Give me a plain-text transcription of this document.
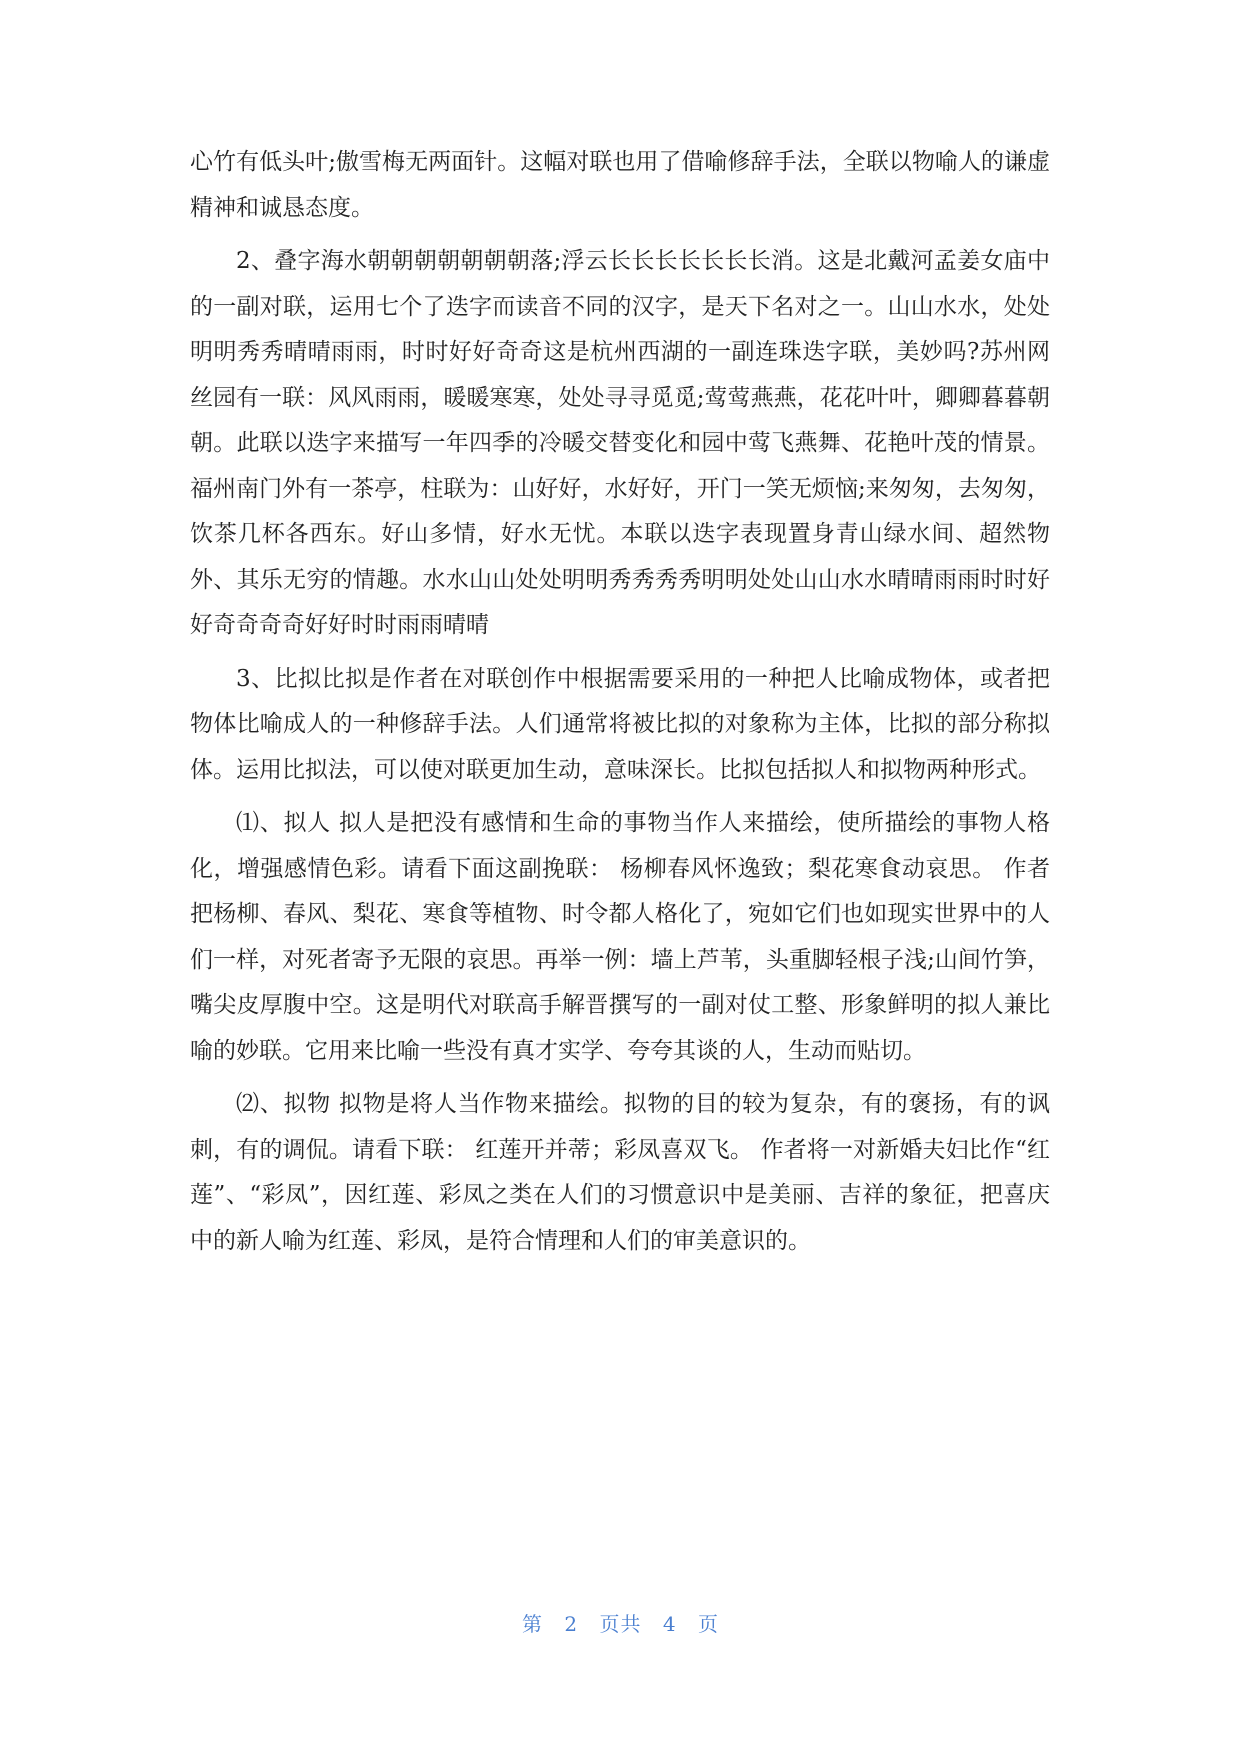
心竹有低头叶;傲雪梅无两面针。这幅对联也用了借喻修辞手法，全联以物喻人的谦虚精神和诚恳态度。

2、叠字海水朝朝朝朝朝朝朝落;浮云长长长长长长长消。这是北戴河孟姜女庙中的一副对联，运用七个了迭字而读音不同的汉字，是天下名对之一。山山水水，处处明明秀秀晴晴雨雨，时时好好奇奇这是杭州西湖的一副连珠迭字联，美妙吗?苏州网丝园有一联：风风雨雨，暖暖寒寒，处处寻寻觅觅;莺莺燕燕，花花叶叶，卿卿暮暮朝朝。此联以迭字来描写一年四季的冷暖交替变化和园中莺飞燕舞、花艳叶茂的情景。福州南门外有一茶亭，柱联为：山好好，水好好，开门一笑无烦恼;来匆匆，去匆匆，饮茶几杯各西东。好山多情，好水无忧。本联以迭字表现置身青山绿水间、超然物外、其乐无穷的情趣。水水山山处处明明秀秀秀秀明明处处山山水水晴晴雨雨时时好好奇奇奇奇好好时时雨雨晴晴

3、比拟比拟是作者在对联创作中根据需要采用的一种把人比喻成物体，或者把物体比喻成人的一种修辞手法。人们通常将被比拟的对象称为主体，比拟的部分称拟体。运用比拟法，可以使对联更加生动，意味深长。比拟包括拟人和拟物两种形式。

⑴、拟人 拟人是把没有感情和生命的事物当作人来描绘，使所描绘的事物人格化，增强感情色彩。请看下面这副挽联： 杨柳春风怀逸致；梨花寒食动哀思。 作者把杨柳、春风、梨花、寒食等植物、时令都人格化了，宛如它们也如现实世界中的人们一样，对死者寄予无限的哀思。再举一例：墙上芦苇，头重脚轻根子浅;山间竹笋，嘴尖皮厚腹中空。这是明代对联高手解晋撰写的一副对仗工整、形象鲜明的拟人兼比喻的妙联。它用来比喻一些没有真才实学、夸夸其谈的人，生动而贴切。

⑵、拟物 拟物是将人当作物来描绘。拟物的目的较为复杂，有的褒扬，有的讽刺，有的调侃。请看下联： 红莲开并蒂；彩凤喜双飞。 作者将一对新婚夫妇比作“红莲”、“彩凤”，因红莲、彩凤之类在人们的习惯意识中是美丽、吉祥的象征，把喜庆中的新人喻为红莲、彩凤，是符合情理和人们的审美意识的。

第 2 页共 4 页
